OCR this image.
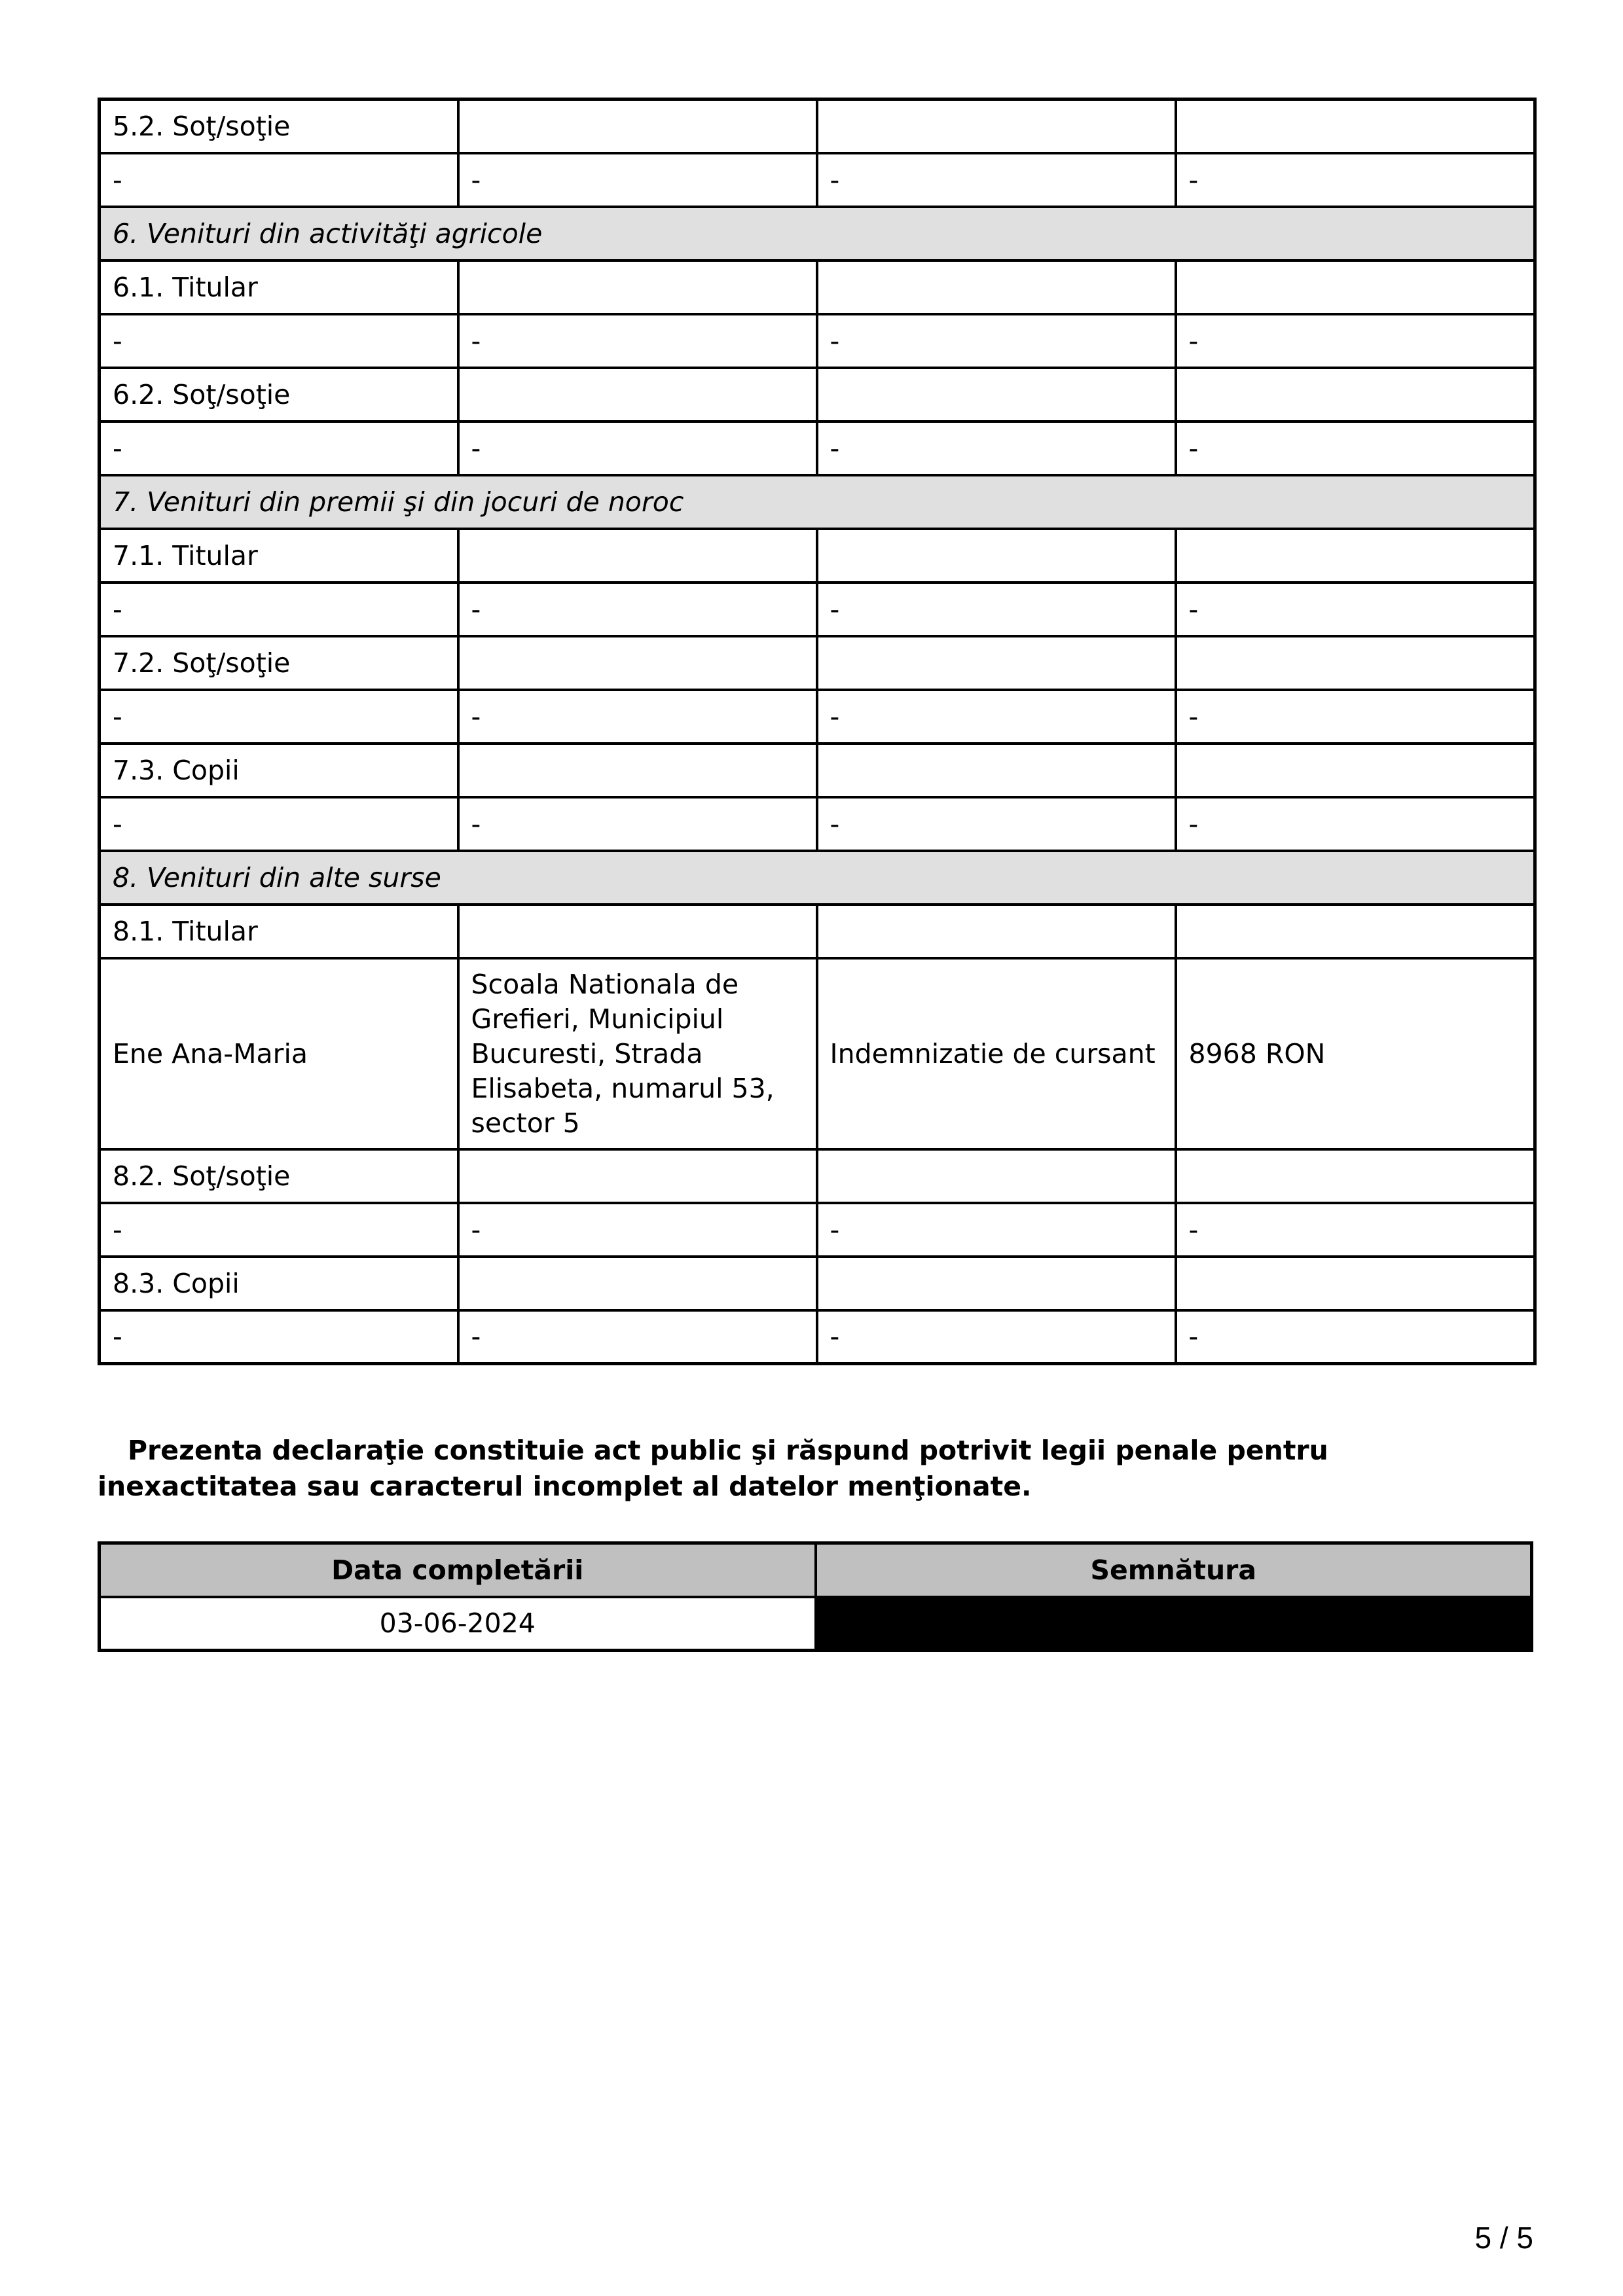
5.2. Soţ/soţie			
-	-	-	-
6. Venituri din activităţi agricole			
6.1. Titular			
-	-	-	-
6.2. Soţ/soţie			
-	-	-	-
7. Venituri din premii şi din jocuri de noroc			
7.1. Titular			
-	-	-	-
7.2. Soţ/soţie			
-	-	-	-
7.3. Copii			
-	-	-	-
8. Venituri din alte surse			
8.1. Titular			
Ene Ana-Maria	Scoala Nationala de Grefieri, Municipiul Bucuresti, Strada Elisabeta, numarul 53, sector 5	Indemnizatie de cursant	8968 RON
8.2. Soţ/soţie			
-	-	-	-
8.3. Copii			
-	-	-	-

Prezenta declaraţie constituie act public şi răspund potrivit legii penale pentru inexactitatea sau caracterul incomplet al datelor menţionate.

Data completării	Semnătura
03-06-2024	
5 / 5
